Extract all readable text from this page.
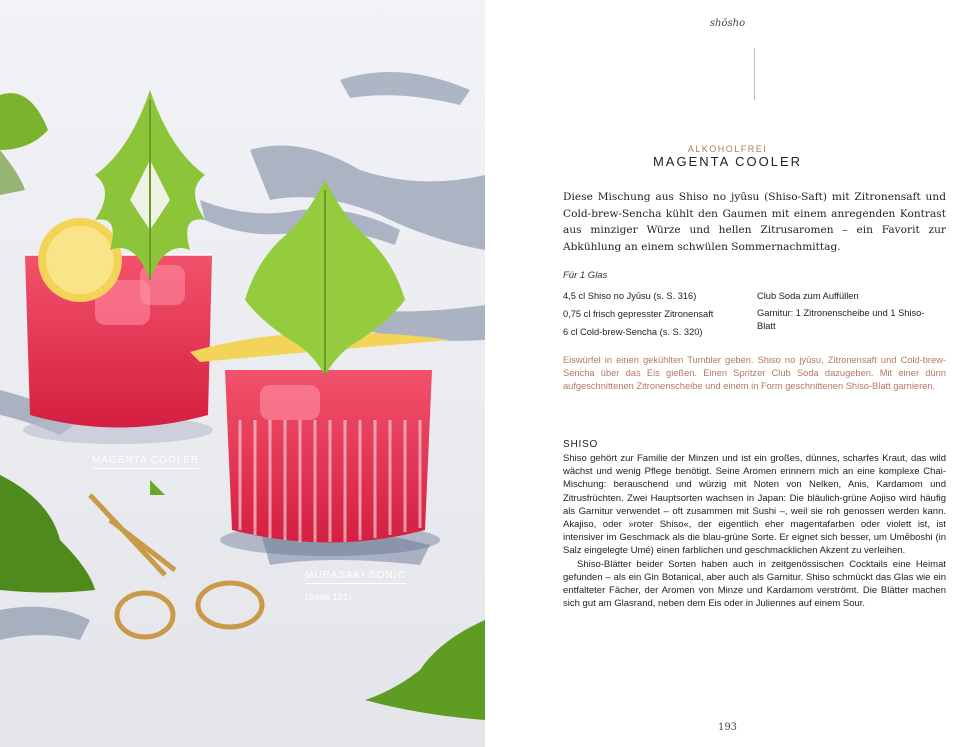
MAGENTA COOLER
MURASAKI SONIC
(Seite 191)
shōsho
ALKOHOLFREI
MAGENTA COOLER
Diese Mischung aus Shiso no jyūsu (Shiso-Saft) mit Zitronensaft und Cold-brew-Sencha kühlt den Gaumen mit einem anregenden Kontrast aus minziger Würze und hellen Zitrusaromen – ein Favorit zur Abkühlung an einem schwülen Sommernachmittag.
Für 1 Glas
4,5 cl Shiso no Jyūsu (s. S. 316)
0,75 cl frisch gepresster Zitronensaft
6 cl Cold-brew-Sencha (s. S. 320)
Club Soda zum Auffüllen
Garnitur: 1 Zitronenscheibe und 1 Shiso-Blatt
Eiswürfel in einen gekühlten Tumbler geben. Shiso no jyūsu, Zitronensaft und Cold-brew-Sencha über das Eis gießen. Einen Spritzer Club Soda dazugeben. Mit einer dünn aufgeschnittenen Zitronenscheibe und einem in Form geschnittenen Shiso-Blatt garnieren.
SHISO

Shiso gehört zur Familie der Minzen und ist ein großes, dünnes, scharfes Kraut, das wild wächst und wenig Pflege benötigt. Seine Aromen erinnern mich an eine komplexe Chai-Mischung: berauschend und würzig mit Noten von Nelken, Anis, Kardamom und Zitrusfrüchten. Zwei Hauptsorten wachsen in Japan: Die bläulich-grüne Aojiso wird häufig als Garnitur verwendet – oft zusammen mit Sushi –, weil sie roh genossen werden kann. Akajiso, oder »roter Shiso«, der eigentlich eher magentafarben oder violett ist, ist intensiver im Geschmack als die blau-grüne Sorte. Er eignet sich besser, um Umēboshi (in Salz eingelegte Umé) einen farblichen und geschmacklichen Akzent zu verleihen.

Shiso-Blätter beider Sorten haben auch in zeitgenössischen Cocktails eine Heimat gefunden – als ein Gin Botanical, aber auch als Garnitur. Shiso schmückt das Glas wie ein entfalteter Fächer, der Aromen von Minze und Kardamom verströmt. Die Blätter machen sich gut am Glasrand, neben dem Eis oder in Juliennes auf einem Sour.

193
